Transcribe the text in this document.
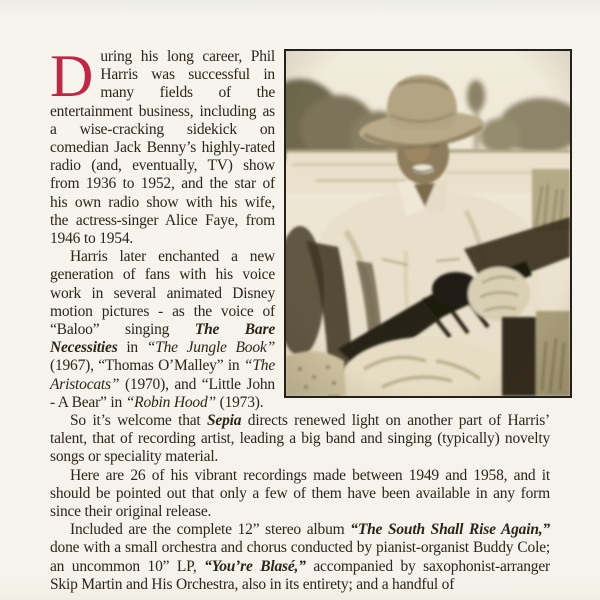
During his long career, Phil Harris was successful in many fields of the entertainment business, including as a wise-cracking sidekick on comedian Jack Benny’s highly-rated radio (and, eventually, TV) show from 1936 to 1952, and the star of his own radio show with his wife, the actress-singer Alice Faye, from 1946 to 1954.

Harris later enchanted a new generation of fans with his voice work in several animated Disney motion pictures - as the voice of “Baloo” singing The Bare Necessities in “The Jungle Book” (1967), “Thomas O’Malley” in “The Aristocats” (1970), and “Little John - A Bear” in “Robin Hood” (1973).

So it’s welcome that Sepia directs renewed light on another part of Harris’ talent, that of recording artist, leading a big band and singing (typically) novelty songs or speciality material.

Here are 26 of his vibrant recordings made between 1949 and 1958, and it should be pointed out that only a few of them have been available in any form since their original release.

Included are the complete 12” stereo album “The South Shall Rise Again,” done with a small orchestra and chorus conducted by pianist-organist Buddy Cole; an uncommon 10” LP, “You’re Blasé,” accompanied by saxophonist-arranger Skip Martin and His Orchestra, also in its entirety; and a handful of
